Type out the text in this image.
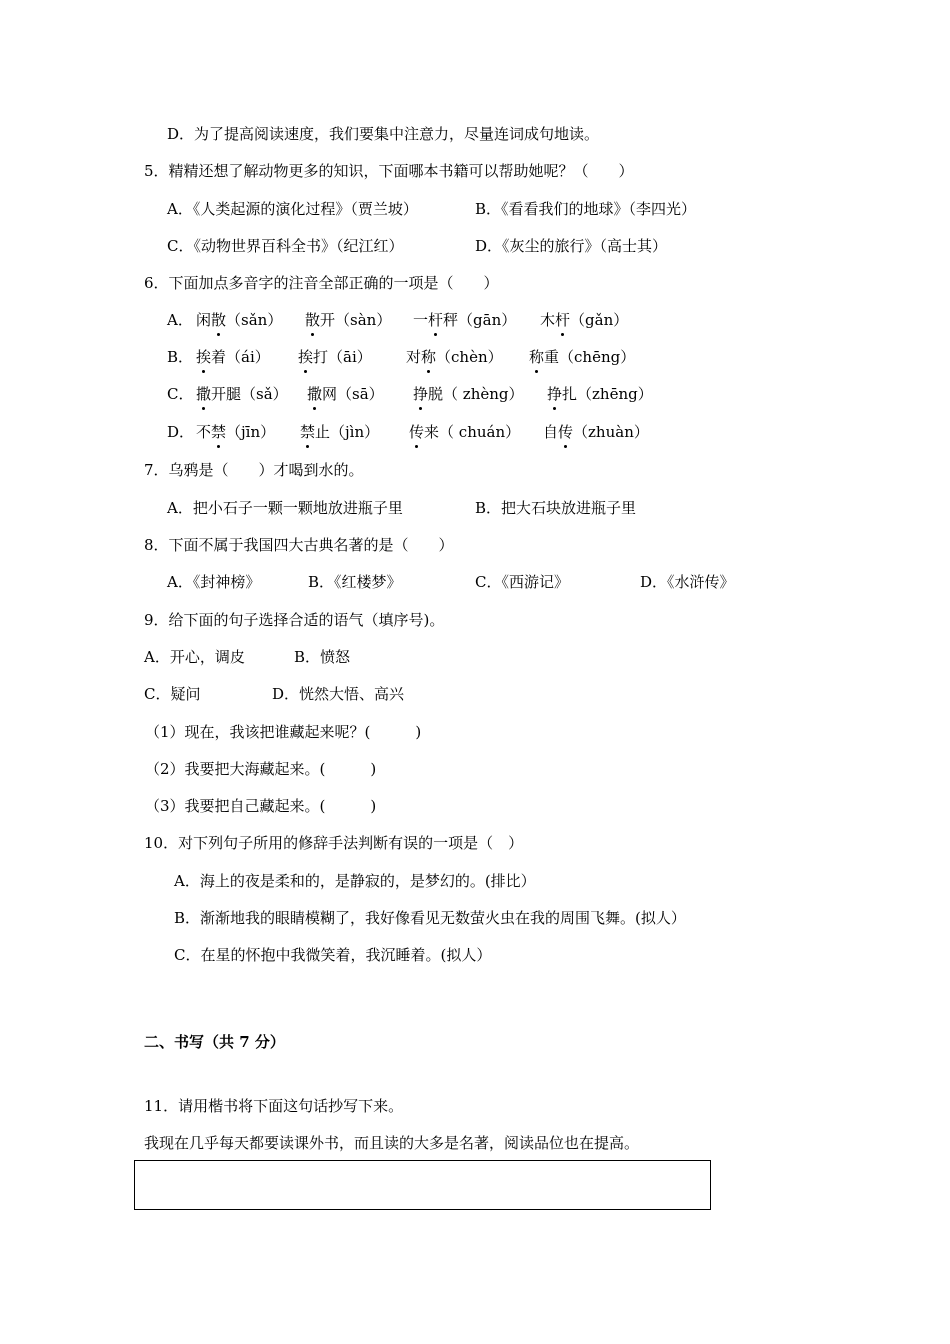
D．为了提高阅读速度，我们要集中注意力，尽量连词成句地读。
5．精精还想了解动物更多的知识，下面哪本书籍可以帮助她呢？（　　）
A．《人类起源的演化过程》（贾兰坡）	B．《看看我们的地球》（李四光）
C．《动物世界百科全书》（纪江红）	D．《灰尘的旅行》（高士其）
6．下面加点多音字的注音全部正确的一项是（　　）
A． 闲散（sǎn） 散开（sàn） 一杆秤（gān） 木杆（gǎn）
B． 挨着（ái） 挨打（āi） 对称（chèn） 称重（chēng）
C． 撒开腿（sǎ） 撒网（sā） 挣脱（ zhèng） 挣扎（zhēng）
D． 不禁（jīn） 禁止（jìn） 传来（ chuán） 自传（zhuàn）
7．乌鸦是（　　）才喝到水的。
A．把小石子一颗一颗地放进瓶子里	B．把大石块放进瓶子里
8．下面不属于我国四大古典名著的是（　　）
A．《封神榜》	B．《红楼梦》	C．《西游记》	D．《水浒传》
9．给下面的句子选择合适的语气（填序号)。
A．开心，调皮	B．愤怒
C．疑问	D．恍然大悟、高兴
（1）现在，我该把谁藏起来呢？(　　　)
（2）我要把大海藏起来。(　　　)
（3）我要把自己藏起来。(　　　)
10．对下列句子所用的修辞手法判断有误的一项是（　）
A．海上的夜是柔和的，是静寂的，是梦幻的。(排比）
B．渐渐地我的眼睛模糊了，我好像看见无数萤火虫在我的周围飞舞。(拟人）
C．在星的怀抱中我微笑着，我沉睡着。(拟人）
二、书写（共 7 分）
11．请用楷书将下面这句话抄写下来。
我现在几乎每天都要读课外书，而且读的大多是名著，阅读品位也在提高。
